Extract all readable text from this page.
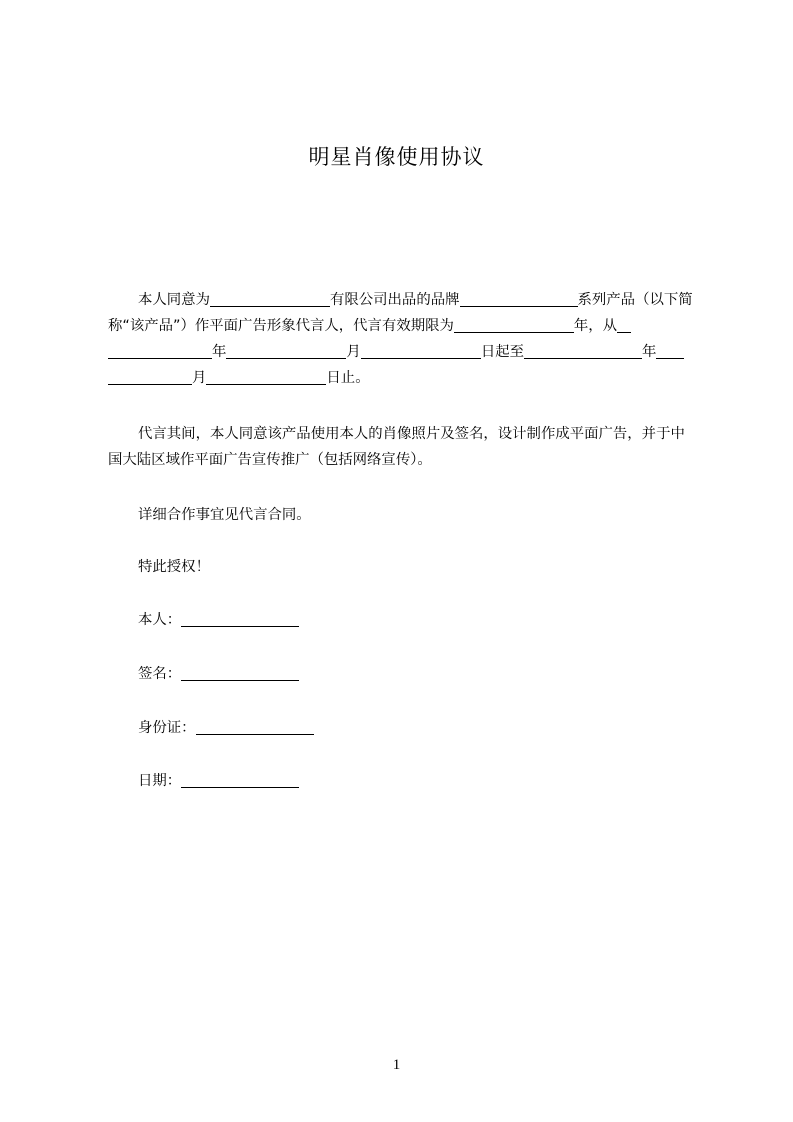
明星肖像使用协议

本人同意为	有限公司出品的品牌	系列产品（以下简称“该产品”）作平面广告形象代言人，代言有效期限为	年，从年	月	日起至	年月	日止。

代言其间，本人同意该产品使用本人的肖像照片及签名，设计制作成平面广告，并于中国大陆区域作平面广告宣传推广（包括网络宣传）。

详细合作事宜见代言合同。
特此授权！
本人：
签名：
身份证：
日期：
1
